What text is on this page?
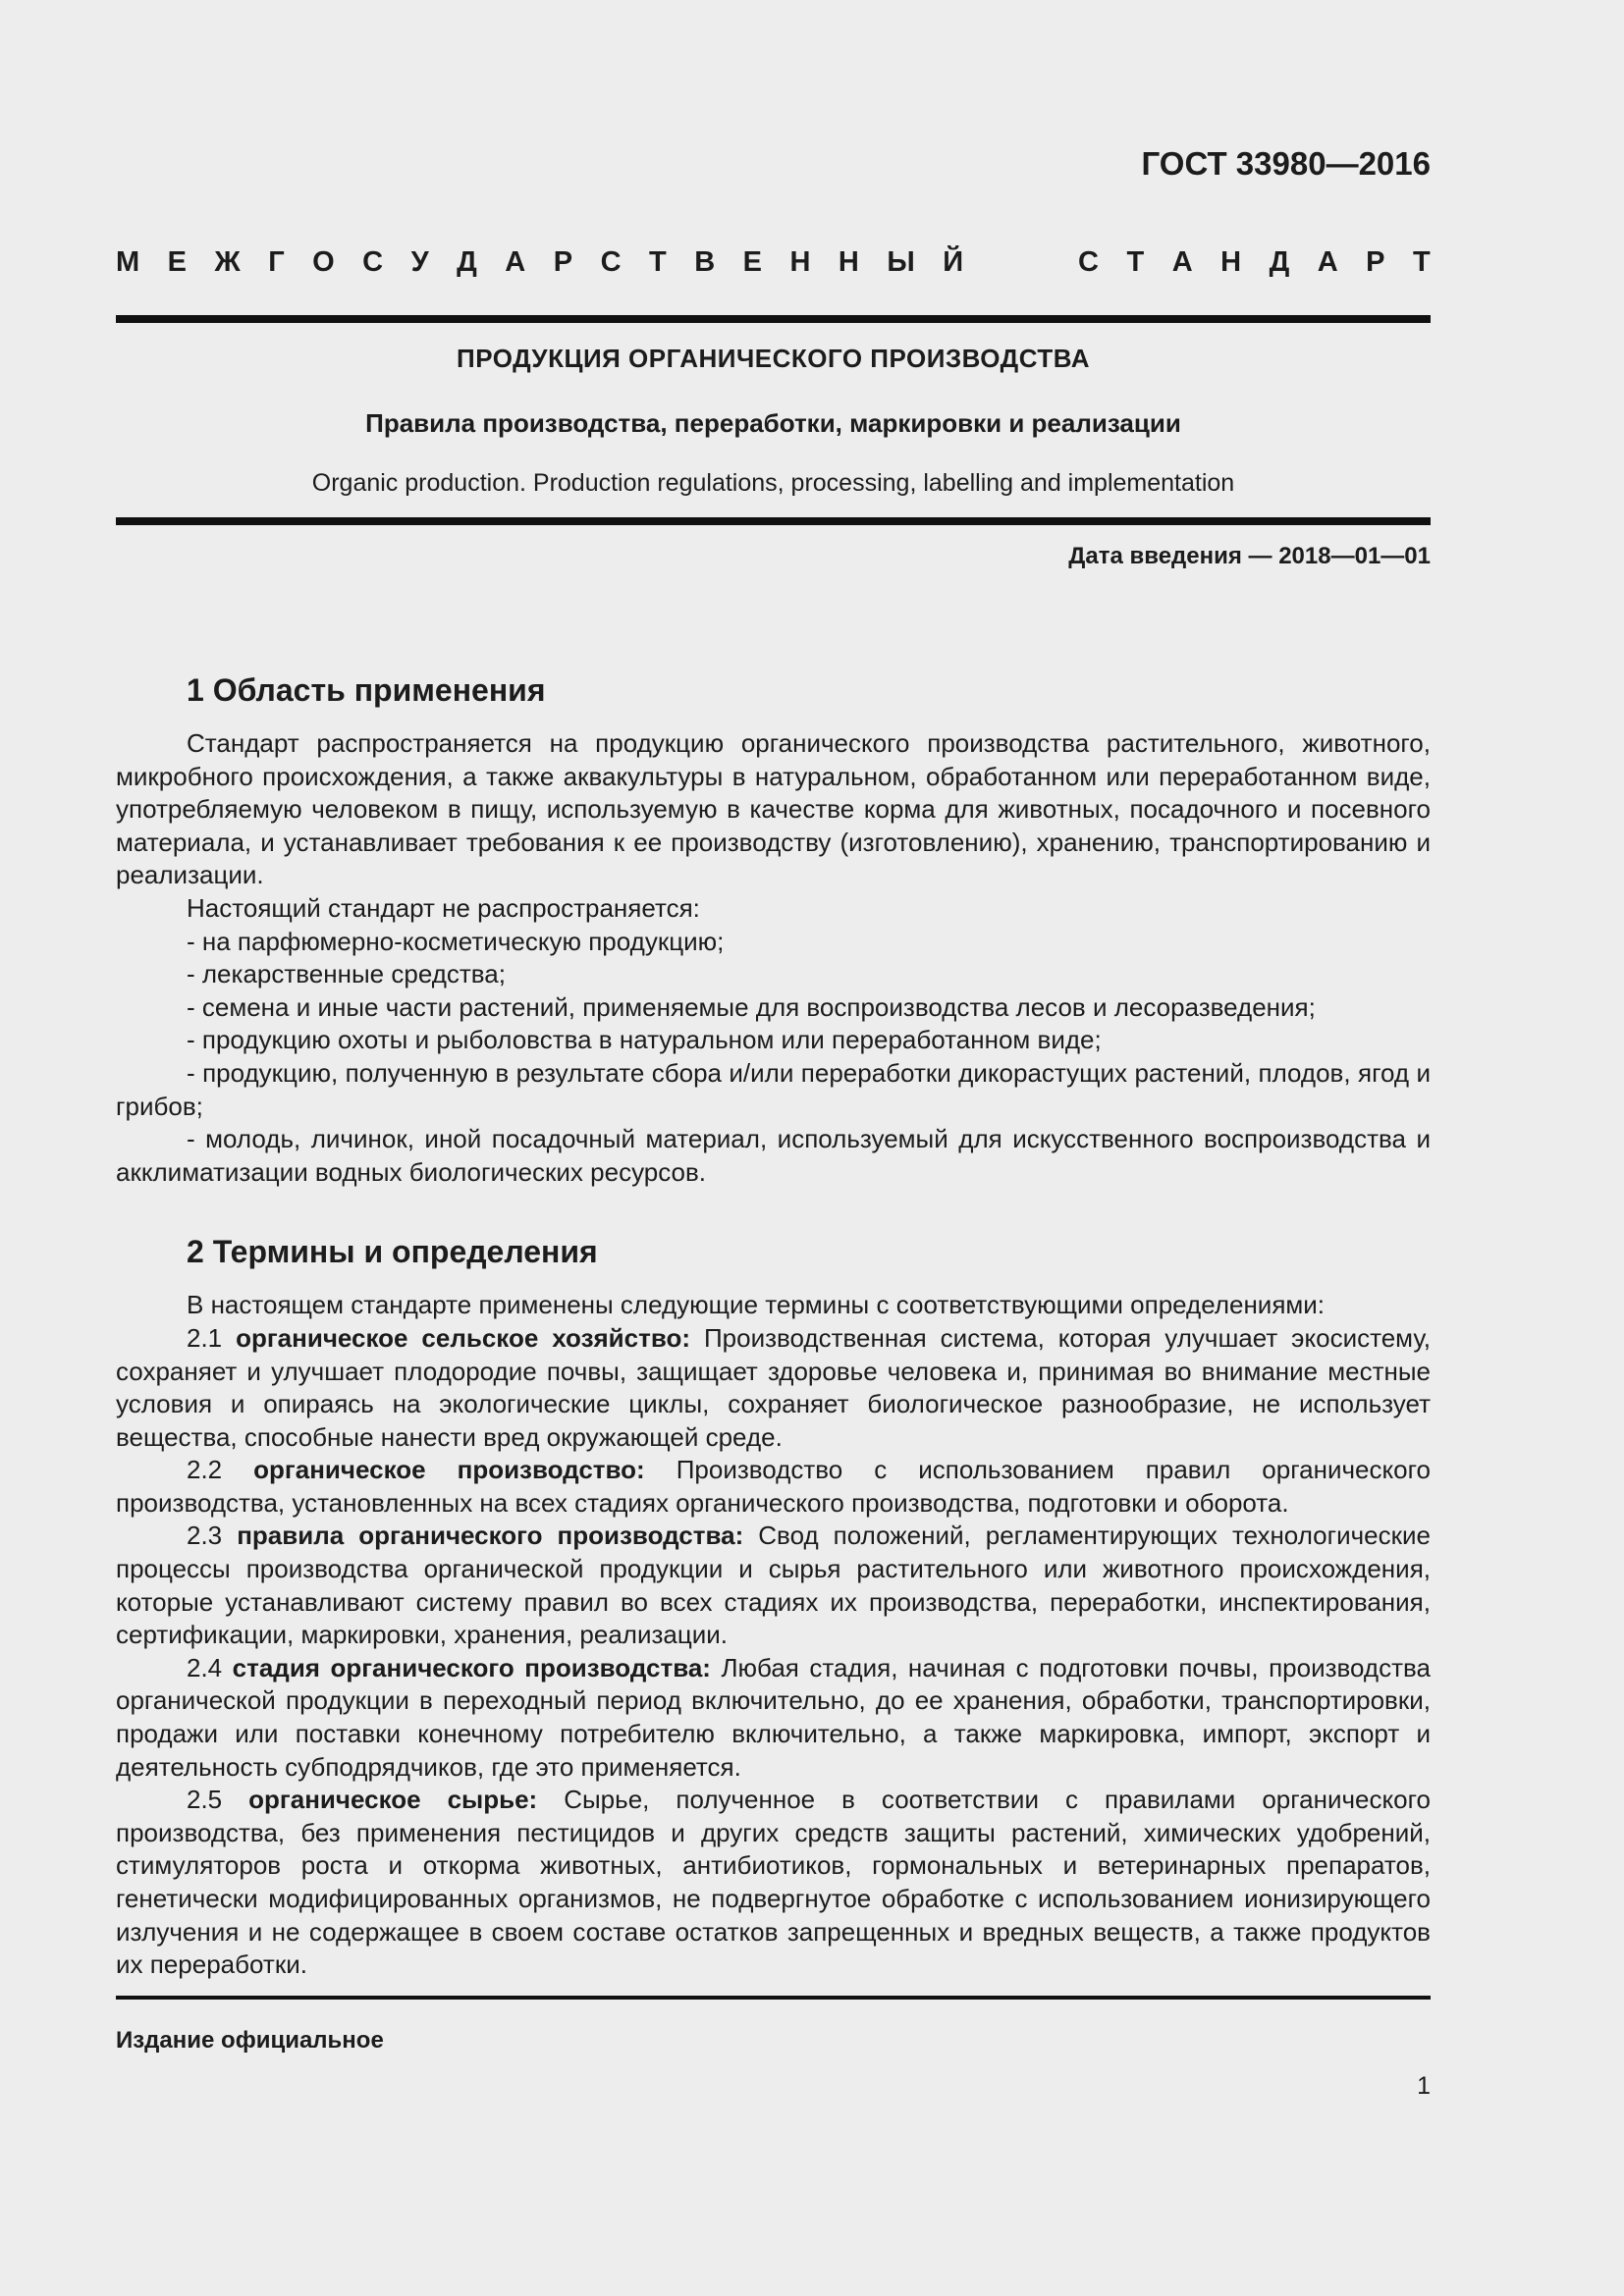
ГОСТ 33980—2016
М Е Ж Г О С У Д А Р С Т В Е Н Н Ы Й	С Т А Н Д А Р Т
ПРОДУКЦИЯ ОРГАНИЧЕСКОГО ПРОИЗВОДСТВА
Правила производства, переработки, маркировки и реализации
Organic production. Production regulations, processing, labelling and implementation
Дата введения — 2018—01—01
1 Область применения

Стандарт распространяется на продукцию органического производства растительного, животного, микробного происхождения, а также аквакультуры в натуральном, обработанном или переработанном виде, употребляемую человеком в пищу, используемую в качестве корма для животных, посадочного и посевного материала, и устанавливает требования к ее производству (изготовлению), хранению, транспортированию и реализации.

Настоящий стандарт не распространяется:

- на парфюмерно-косметическую продукцию;

- лекарственные средства;

- семена и иные части растений, применяемые для воспроизводства лесов и лесоразведения;

- продукцию охоты и рыболовства в натуральном или переработанном виде;

- продукцию, полученную в результате сбора и/или переработки дикорастущих растений, плодов, ягод и грибов;

- молодь, личинок, иной посадочный материал, используемый для искусственного воспроизводства и акклиматизации водных биологических ресурсов.

2 Термины и определения

В настоящем стандарте применены следующие термины с соответствующими определениями:

2.1 органическое сельское хозяйство: Производственная система, которая улучшает экосистему, сохраняет и улучшает плодородие почвы, защищает здоровье человека и, принимая во внимание местные условия и опираясь на экологические циклы, сохраняет биологическое разнообразие, не использует вещества, способные нанести вред окружающей среде.

2.2 органическое производство: Производство с использованием правил органического производства, установленных на всех стадиях органического производства, подготовки и оборота.

2.3 правила органического производства: Свод положений, регламентирующих технологические процессы производства органической продукции и сырья растительного или животного происхождения, которые устанавливают систему правил во всех стадиях их производства, переработки, инспектирования, сертификации, маркировки, хранения, реализации.

2.4 стадия органического производства: Любая стадия, начиная с подготовки почвы, производства органической продукции в переходный период включительно, до ее хранения, обработки, транспортировки, продажи или поставки конечному потребителю включительно, а также маркировка, импорт, экспорт и деятельность субподрядчиков, где это применяется.

2.5 органическое сырье: Сырье, полученное в соответствии с правилами органического производства, без применения пестицидов и других средств защиты растений, химических удобрений, стимуляторов роста и откорма животных, антибиотиков, гормональных и ветеринарных препаратов, генетически модифицированных организмов, не подвергнутое обработке с использованием ионизирующего излучения и не содержащее в своем составе остатков запрещенных и вредных веществ, а также продуктов их переработки.

Издание официальное
1
